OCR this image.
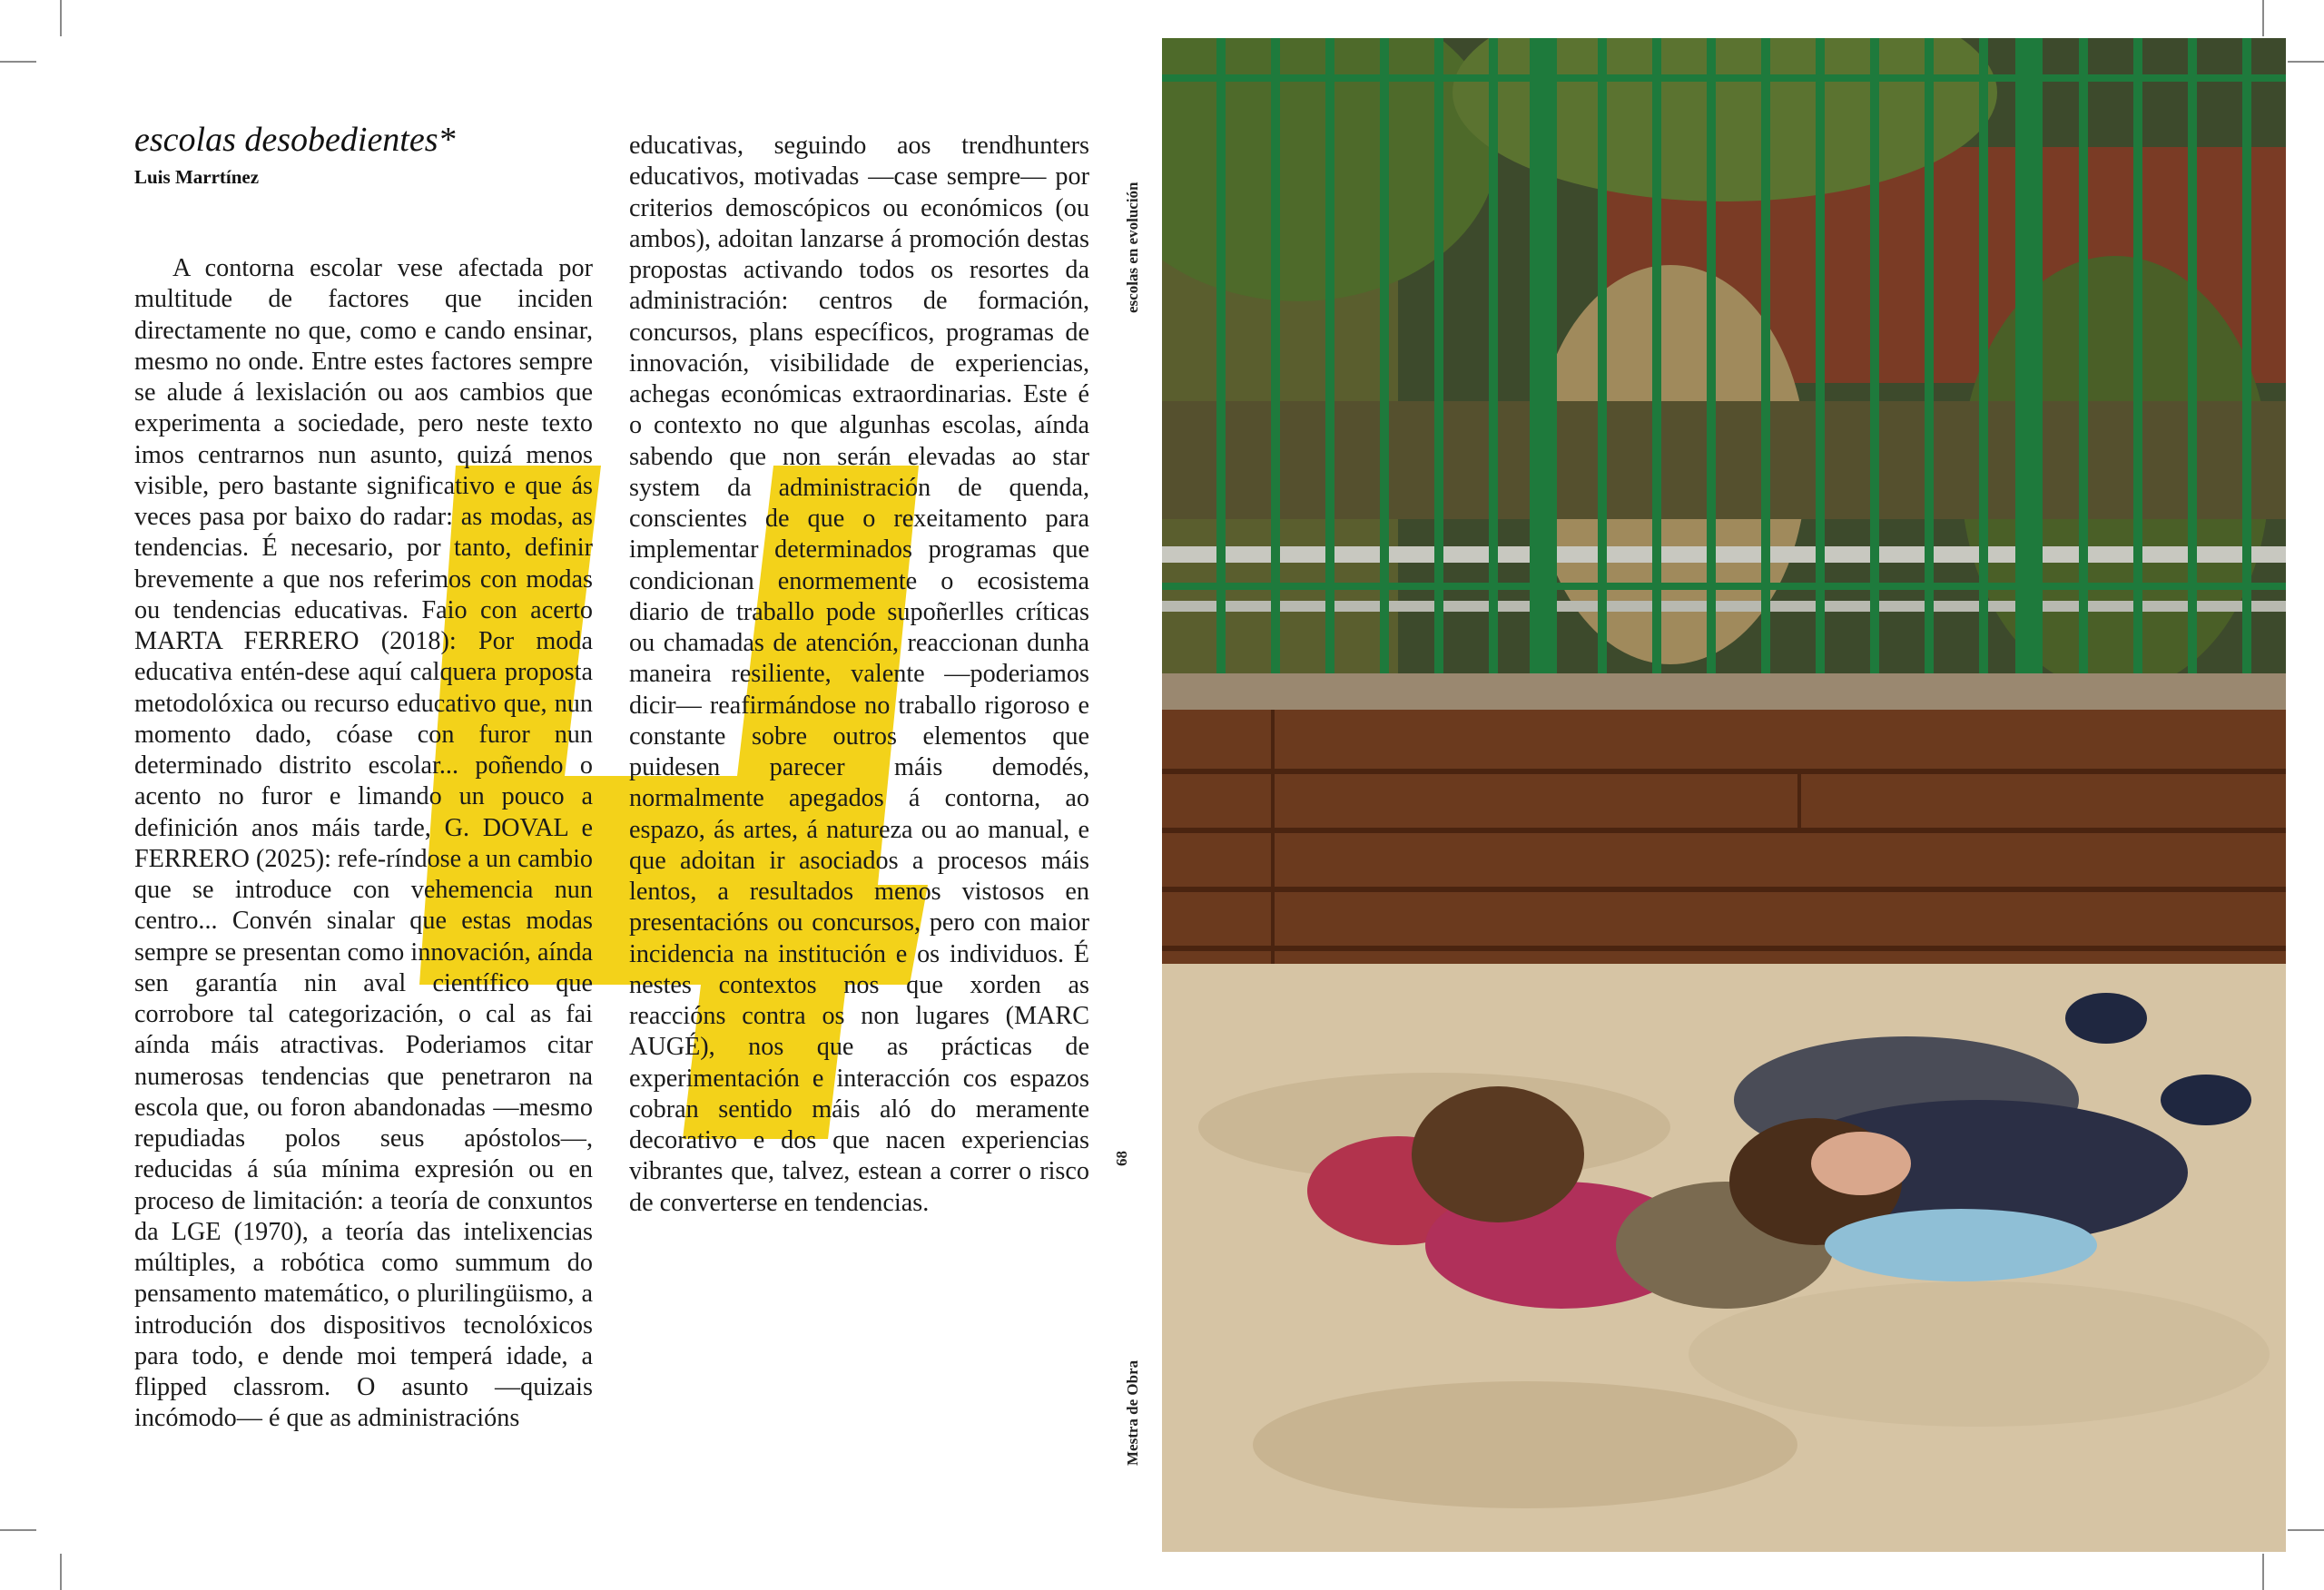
escolas desobedientes*
Luis Marrtínez

A contorna escolar vese afectada por multitude de factores que inciden directamente no que, como e cando ensinar, mesmo no onde. Entre estes factores sempre se alude á lexislación ou aos cambios que experimenta a sociedade, pero neste texto imos centrarnos nun asunto, quizá menos visible, pero bastante significativo e que ás veces pasa por baixo do radar: as modas, as tendencias. É necesario, por tanto, definir brevemente a que nos referimos con modas ou tendencias educativas. Faio con acerto MARTA FERRERO (2018): Por moda educativa entén-dese aquí calquera proposta metodolóxica ou recurso educativo que, nun momento dado, cóase con furor nun determinado distrito escolar... poñendo o acento no furor e limando un pouco a definición anos máis tarde, G. DOVAL e FERRERO (2025): refe-ríndose a un cambio que se introduce con vehemencia nun centro... Convén sinalar que estas modas sempre se presentan como innovación, aínda sen garantía nin aval científico que corrobore tal categorización, o cal as fai aínda máis atractivas. Poderiamos citar numerosas tendencias que penetraron na escola que, ou foron abandonadas —mesmo repudiadas polos seus apóstolos—, reducidas á súa mínima expresión ou en proceso de limitación: a teoría de conxuntos da LGE (1970), a teoría das intelixencias múltiples, a robótica como summum do pensamento matemático, o plurilingüismo, a introdución dos dispositivos tecnolóxicos para todo, e dende moi temperá idade, a flipped classrom. O asunto —quizais incómodo— é que as administracións

educativas, seguindo aos trendhunters educativos, motivadas —case sempre— por criterios demoscópicos ou económicos (ou ambos), adoitan lanzarse á promoción destas propostas activando todos os resortes da administración: centros de formación, concursos, plans específicos, programas de innovación, visibilidade de experiencias, achegas económicas extraordinarias. Este é o contexto no que algunhas escolas, aínda sabendo que non serán elevadas ao star system da administración de quenda, conscientes de que o rexeitamento para implementar determinados programas que condicionan enormemente o ecosistema diario de traballo pode supoñerlles críticas ou chamadas de atención, reaccionan dunha maneira resiliente, valente —poderiamos dicir— reafirmándose no traballo rigoroso e constante sobre outros elementos que puidesen parecer máis demodés, normalmente apegados á contorna, ao espazo, ás artes, á natureza ou ao manual, e que adoitan ir asociados a procesos máis lentos, a resultados menos vistosos en presentacións ou concursos, pero con maior incidencia na institución e os individuos. É nestes contextos nos que xorden as reaccións contra os non lugares (MARC AUGÉ), nos que as prácticas de experimentación e interacción cos espazos cobran sentido máis aló do meramente decorativo e dos que nacen experiencias vibrantes que, talvez, estean a correr o risco de converterse en tendencias.

escolas en evolución
68
Mestra de Obra
